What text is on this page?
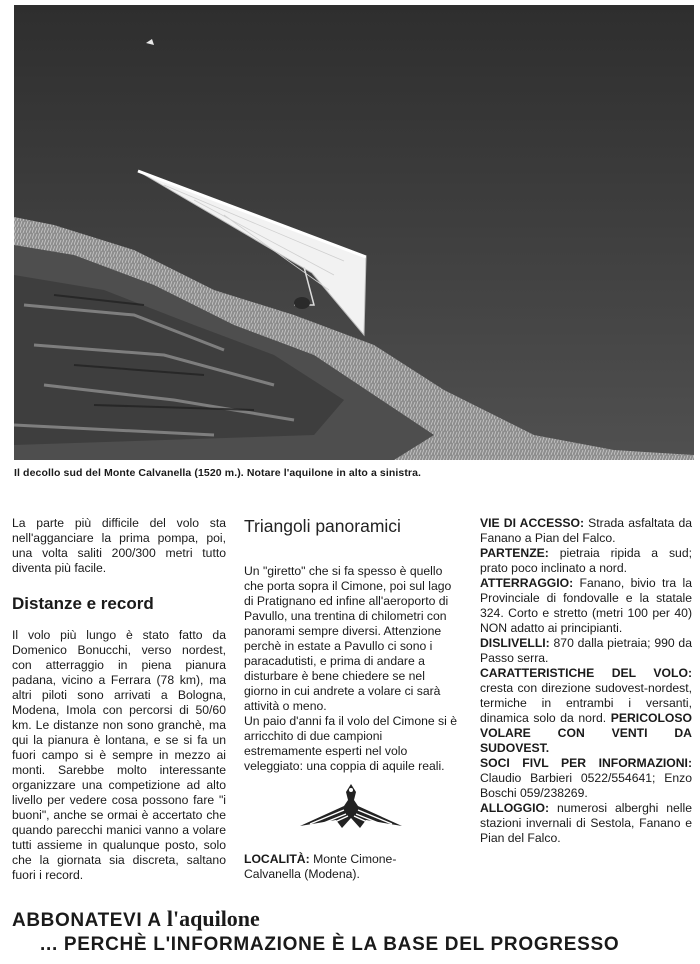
Il decollo sud del Monte Calvanella (1520 m.). Notare l'aquilone in alto a sinistra.

La parte più difficile del volo sta nell'agganciare la prima pompa, poi, una volta saliti 200/300 metri tutto diventa più facile.

Distanze e record

Il volo più lungo è stato fatto da Domenico Bonucchi, verso nordest, con atterraggio in piena pianura padana, vicino a Ferrara (78 km), ma altri piloti sono arrivati a Bologna, Modena, Imola con percorsi di 50/60 km. Le distanze non sono granchè, ma qui la pianura è lontana, e se si fa un fuori campo si è sempre in mezzo ai monti. Sarebbe molto interessante organizzare una competizione ad alto livello per vedere cosa possono fare "i buoni", anche se ormai è accertato che quando parecchi manici vanno a volare tutti assieme in qualunque posto, solo che la giornata sia discreta, saltano fuori i record.

Triangoli panoramici

Un "giretto" che si fa spesso è quello che porta sopra il Cimone, poi sul lago di Pratignano ed infine all'aeroporto di Pavullo, una trentina di chilometri con panorami sempre diversi. Attenzione perchè in estate a Pavullo ci sono i paracadutisti, e prima di andare a disturbare è bene chiedere se nel giorno in cui andrete a volare ci sarà attività o meno.

Un paio d'anni fa il volo del Cimone si è arricchito di due campioni estremamente esperti nel volo veleggiato: una coppia di aquile reali.

LOCALITÀ: Monte Cimone-Calvanella (Modena).

VIE DI ACCESSO: Strada asfaltata da Fanano a Pian del Falco.

PARTENZE: pietraia ripida a sud; prato poco inclinato a nord.

ATTERRAGGIO: Fanano, bivio tra la Provinciale di fondovalle e la statale 324. Corto e stretto (metri 100 per 40) NON adatto ai principianti.

DISLIVELLI: 870 dalla pietraia; 990 da Passo serra.

CARATTERISTICHE DEL VOLO: cresta con direzione sudovest-nordest, termiche in entrambi i versanti, dinamica solo da nord. PERICOLOSO VOLARE CON VENTI DA SUDOVEST.

SOCI FIVL PER INFORMAZIONI: Claudio Barbieri 0522/554641; Enzo Boschi 059/238269.

ALLOGGIO: numerosi alberghi nelle stazioni invernali di Sestola, Fanano e Pian del Falco.

ABBONATEVI A l'aquilone
... PERCHÈ L'INFORMAZIONE È LA BASE DEL PROGRESSO
